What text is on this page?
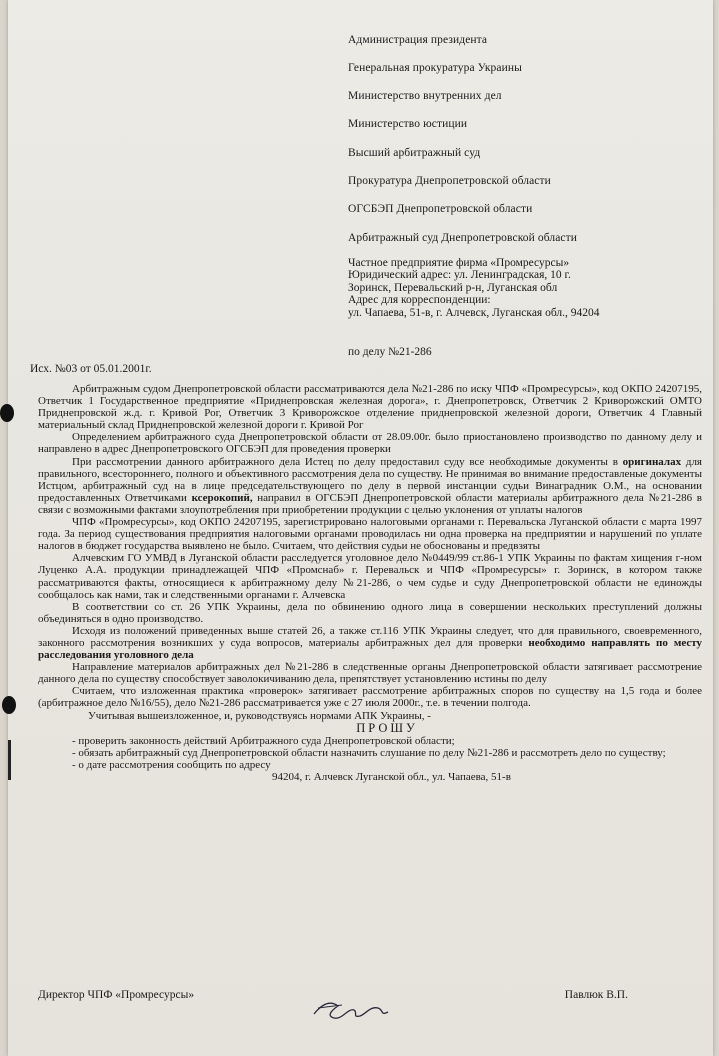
Администрация президента
Генеральная прокуратура Украины
Министерство внутренних дел
Министерство юстиции
Высший арбитражный суд
Прокуратура Днепропетровской области
ОГСБЭП Днепропетровской области
Арбитражный суд Днепропетровской области
Частное предприятие фирма «Промресурсы»
Юридический адрес: ул. Ленинградская, 10 г.
Зоринск, Перевальский р-н, Луганская обл
Адрес для корреспонденции:
ул. Чапаева, 51-в, г. Алчевск, Луганская обл., 94204
по делу №21-286
Исх. №03 от 05.01.2001г.

Арбитражным судом Днепропетровской области рассматриваются дела №21-286 по иску ЧПФ «Промресурсы», код ОКПО 24207195, Ответчик 1 Государственное предприятие «Приднепровская железная дорога», г. Днепропетровск, Ответчик 2 Криворожский ОМТО Приднепровской ж.д. г. Кривой Рог, Ответчик 3 Криворожское отделение приднепровской железной дороги, Ответчик 4 Главный материальный склад Приднепровской железной дороги г. Кривой Рог

Определением арбитражного суда Днепропетровской области от 28.09.00г. было приостановлено производство по данному делу и направлено в адрес Днепропетровского ОГСБЭП для проведения проверки

При рассмотрении данного арбитражного дела Истец по делу предоставил суду все необходимые документы в оригиналах для правильного, всестороннего, полного и объективного рассмотрения дела по существу. Не принимая во внимание предоставленые документы Истцом, арбитражный суд на в лице председательствующего по делу в первой инстанции судьи Винаградник О.М., на основании предоставленных Ответчиками ксерокопий, направил в ОГСБЭП Днепропетровской области материалы арбитражного дела №21-286 в связи с возможными фактами злоупотребления при приобретении продукции с целью уклонения от уплаты налогов

ЧПФ «Промресурсы», код ОКПО 24207195, зарегистрировано налоговыми органами г. Перевальска Луганской области с марта 1997 года. За период существования предприятия налоговыми органами проводилась ни одна проверка на предприятии и нарушений по уплате налогов в бюджет государства выявлено не было. Считаем, что действия судьи не обоснованы и предвзяты

Алчевским ГО УМВД в Луганской области расследуется уголовное дело №0449/99 ст.86-1 УПК Украины по фактам хищения г-ном Луценко А.А. продукции принадлежащей ЧПФ «Промснаб» г. Перевальск и ЧПФ «Промресурсы» г. Зоринск, в котором также рассматриваются факты, относящиеся к арбитражному делу №21-286, о чем судье и суду Днепропетровской области не единожды сообщалось как нами, так и следственными органами г. Алчевска

В соответствии со ст. 26 УПК Украины, дела по обвинению одного лица в совершении нескольких преступлений должны объединяться в одно производство.

Исходя из положений приведенных выше статей 26, а также ст.116 УПК Украины следует, что для правильного, своевременного, законного рассмотрения возникших у суда вопросов, материалы арбитражных дел для проверки необходимо направлять по месту расследования уголовного дела

Направление материалов арбитражных дел №21-286 в следственные органы Днепропетровской области затягивает рассмотрение данного дела по существу способствует заволокичиванию дела, препятствует установлению истины по делу

Считаем, что изложенная практика «проверок» затягивает рассмотрение арбитражных споров по существу на 1,5 года и более (арбитражное дело №16/55), дело №21-286 рассматривается уже с 27 июля 2000г., т.е. в течении полгода.

Учитывая вышеизложенное, и, руководствуясь нормами АПК Украины, -

ПРОШУ

- проверить законность действий Арбитражного суда Днепропетровской области;

- обязать арбитражный суд Днепропетровской области назначить слушание по делу №21-286 и рассмотреть дело по существу;

- о дате рассмотрения сообщить по адресу

94204, г. Алчевск Луганской обл., ул. Чапаева, 51-в

Директор ЧПФ «Промресурсы»	Павлюк В.П.
